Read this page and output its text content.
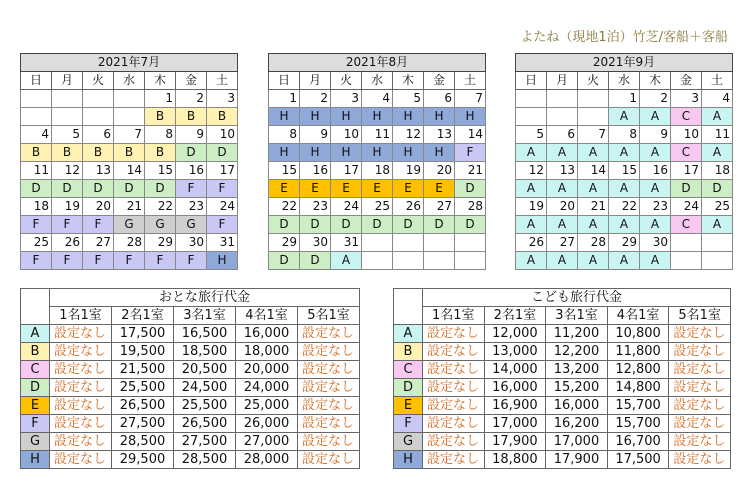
よたね（現地1泊）竹芝/客船＋客船
2021年7月						
日	月	火	水	木	金	土
				1	2	3
				B	B	B
4	5	6	7	8	9	10
B	B	B	B	B	D	D
11	12	13	14	15	16	17
D	D	D	D	D	F	F
18	19	20	21	22	23	24
F	F	F	G	G	G	F
25	26	27	28	29	30	31
F	F	F	F	F	F	H
2021年8月						
日	月	火	水	木	金	土
1	2	3	4	5	6	7
H	H	H	H	H	H	H
8	9	10	11	12	13	14
H	H	H	H	H	H	F
15	16	17	18	19	20	21
E	E	E	E	E	E	D
22	23	24	25	26	27	28
D	D	D	D	D	D	D
29	30	31				
D	D	A				
2021年9月						
日	月	火	水	木	金	土
			1	2	3	4
			A	A	C	A
5	6	7	8	9	10	11
A	A	A	A	A	C	A
12	13	14	15	16	17	18
A	A	A	A	A	D	D
19	20	21	22	23	24	25
A	A	A	A	A	C	A
26	27	28	29	30		
A	A	A	A	A		
	おとな旅行代金				
	1名1室	2名1室	3名1室	4名1室	5名1室
A	設定なし	17,500	16,500	16,000	設定なし
B	設定なし	19,500	18,500	18,000	設定なし
C	設定なし	21,500	20,500	20,000	設定なし
D	設定なし	25,500	24,500	24,000	設定なし
E	設定なし	26,500	25,500	25,000	設定なし
F	設定なし	27,500	26,500	26,000	設定なし
G	設定なし	28,500	27,500	27,000	設定なし
H	設定なし	29,500	28,500	28,000	設定なし
	こども旅行代金				
	1名1室	2名1室	3名1室	4名1室	5名1室
A	設定なし	12,000	11,200	10,800	設定なし
B	設定なし	13,000	12,200	11,800	設定なし
C	設定なし	14,000	13,200	12,800	設定なし
D	設定なし	16,000	15,200	14,800	設定なし
E	設定なし	16,900	16,000	15,700	設定なし
F	設定なし	17,000	16,200	15,700	設定なし
G	設定なし	17,900	17,000	16,700	設定なし
H	設定なし	18,800	17,900	17,500	設定なし
